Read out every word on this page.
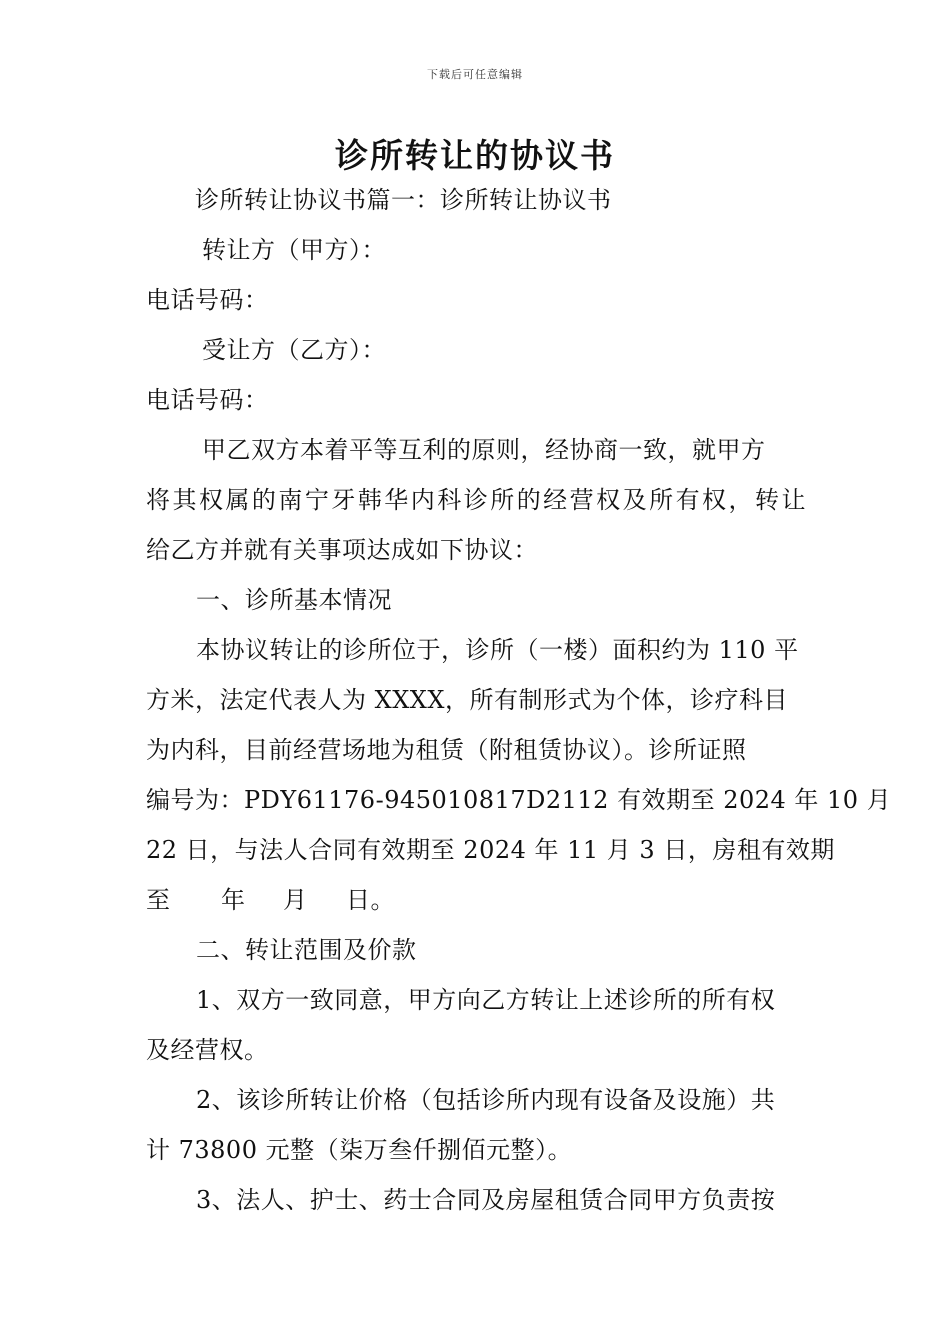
下载后可任意编辑
诊所转让的协议书
诊所转让协议书篇一：诊所转让协议书
转让方（甲方）：
电话号码：
受让方（乙方）：
电话号码：
甲乙双方本着平等互利的原则，经协商一致，就甲方
将其权属的南宁牙韩华内科诊所的经营权及所有权，转让
给乙方并就有关事项达成如下协议：
一、诊所基本情况
本协议转让的诊所位于，诊所（一楼）面积约为 110 平
方米，法定代表人为 XXXX，所有制形式为个体，诊疗科目
为内科，目前经营场地为租赁（附租赁协议）。诊所证照
编号为：PDY61176-945010817D2112 有效期至 2024 年 10 月
22 日，与法人合同有效期至 2024 年 11 月 3 日，房租有效期
至 年 月 日。
二、转让范围及价款
1、双方一致同意，甲方向乙方转让上述诊所的所有权
及经营权。
2、该诊所转让价格（包括诊所内现有设备及设施）共
计 73800 元整（柒万叁仟捌佰元整）。
3、法人、护士、药士合同及房屋租赁合同甲方负责按
